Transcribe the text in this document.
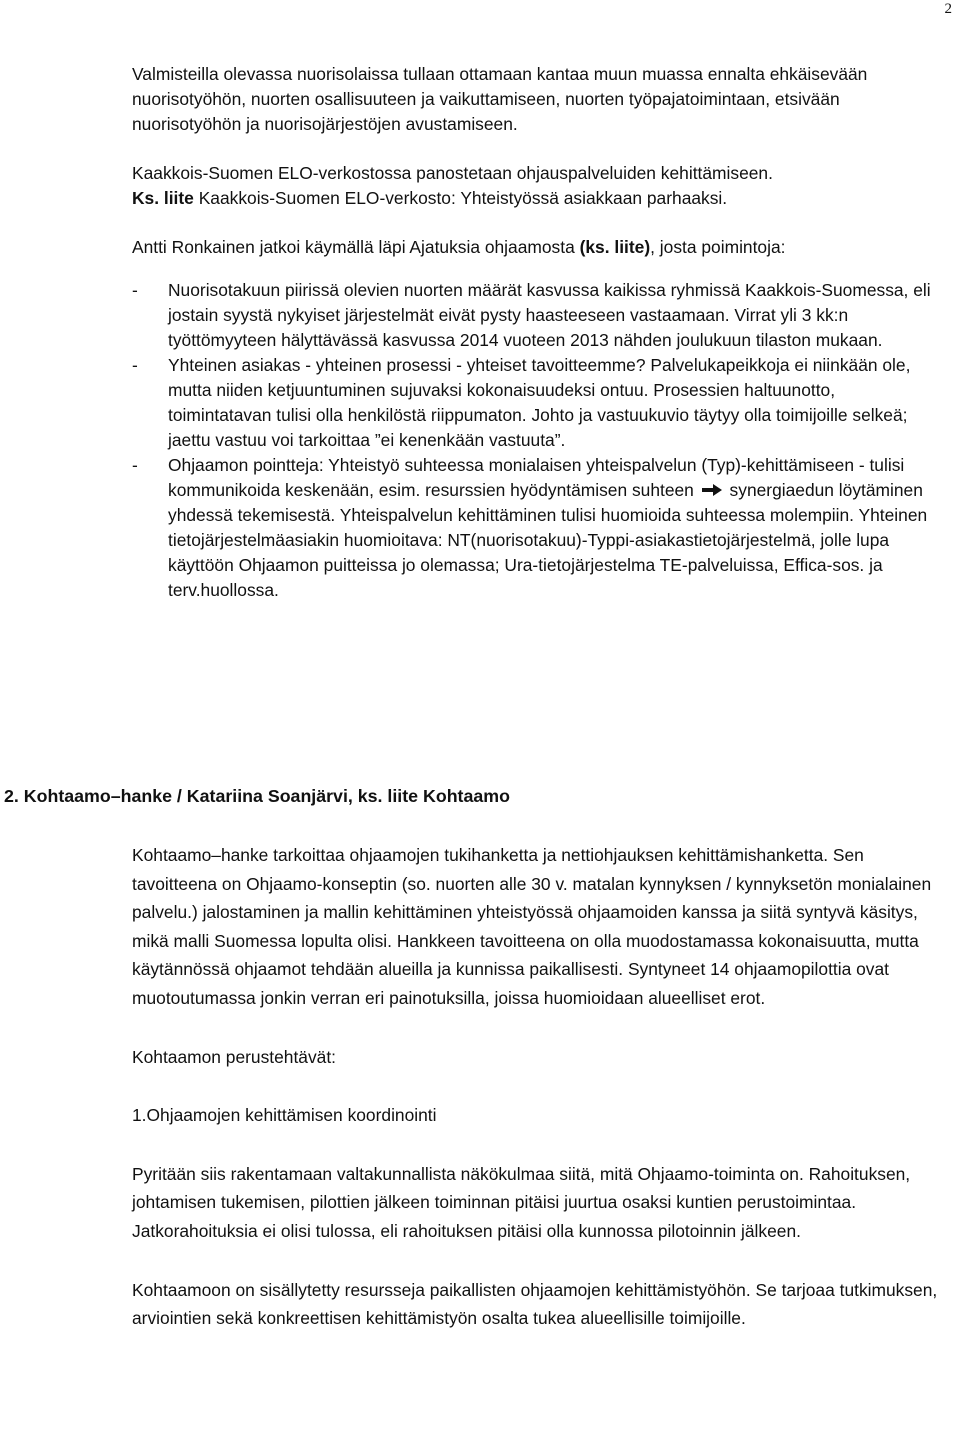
2

Valmisteilla olevassa nuorisolaissa tullaan ottamaan kantaa muun muassa ennalta ehkäisevään nuorisotyöhön, nuorten osallisuuteen ja vaikuttamiseen, nuorten työpajatoimintaan, etsivään nuorisotyöhön ja nuorisojärjestöjen avustamiseen.

Kaakkois-Suomen ELO-verkostossa panostetaan ohjauspalveluiden kehittämiseen.
Ks. liite Kaakkois-Suomen ELO-verkosto: Yhteistyössä asiakkaan parhaaksi.

Antti Ronkainen jatkoi käymällä läpi Ajatuksia ohjaamosta (ks. liite), josta poimintoja:

- Nuorisotakuun piirissä olevien nuorten määrät kasvussa kaikissa ryhmissä Kaakkois-Suomessa, eli jostain syystä nykyiset järjestelmät eivät pysty haasteeseen vastaamaan. Virrat yli 3 kk:n työttömyyteen hälyttävässä kasvussa 2014 vuoteen 2013 nähden joulukuun tilaston mukaan.
- Yhteinen asiakas - yhteinen prosessi - yhteiset tavoitteemme? Palvelukapeikkoja ei niinkään ole, mutta niiden ketjuuntuminen sujuvaksi kokonaisuudeksi ontuu. Prosessien haltuunotto, toimintatavan tulisi olla henkilöstä riippumaton. Johto ja vastuukuvio täytyy olla toimijoille selkeä; jaettu vastuu voi tarkoittaa ”ei kenenkään vastuuta”.
- Ohjaamon pointteja: Yhteistyö suhteessa monialaisen yhteispalvelun (Typ)-kehittämiseen - tulisi kommunikoida keskenään, esim. resurssien hyödyntämisen suhteen synergiaedun löytäminen yhdessä tekemisestä. Yhteispalvelun kehittäminen tulisi huomioida suhteessa molempiin. Yhteinen tietojärjestelmäasiakin huomioitava: NT(nuorisotakuu)-Typpi-asiakastietojärjestelmä, jolle lupa käyttöön Ohjaamon puitteissa jo olemassa; Ura-tietojärjestelma TE-palveluissa, Effica-sos. ja terv.huollossa.
2. Kohtaamo–hanke / Katariina Soanjärvi, ks. liite Kohtaamo

Kohtaamo–hanke tarkoittaa ohjaamojen tukihanketta ja nettiohjauksen kehittämishanketta. Sen tavoitteena on Ohjaamo-konseptin (so. nuorten alle 30 v. matalan kynnyksen / kynnyksetön monialainen palvelu.) jalostaminen ja mallin kehittäminen yhteistyössä ohjaamoiden kanssa ja siitä syntyvä käsitys, mikä malli Suomessa lopulta olisi. Hankkeen tavoitteena on olla muodostamassa kokonaisuutta, mutta käytännössä ohjaamot tehdään alueilla ja kunnissa paikallisesti. Syntyneet 14 ohjaamopilottia ovat muotoutumassa jonkin verran eri painotuksilla, joissa huomioidaan alueelliset erot.

Kohtaamon perustehtävät:

1.Ohjaamojen kehittämisen koordinointi

Pyritään siis rakentamaan valtakunnallista näkökulmaa siitä, mitä Ohjaamo-toiminta on. Rahoituksen, johtamisen tukemisen, pilottien jälkeen toiminnan pitäisi juurtua osaksi kuntien perustoimintaa. Jatkorahoituksia ei olisi tulossa, eli rahoituksen pitäisi olla kunnossa pilotoinnin jälkeen.

Kohtaamoon on sisällytetty resursseja paikallisten ohjaamojen kehittämistyöhön. Se tarjoaa tutkimuksen, arviointien sekä konkreettisen kehittämistyön osalta tukea alueellisille toimijoille.
